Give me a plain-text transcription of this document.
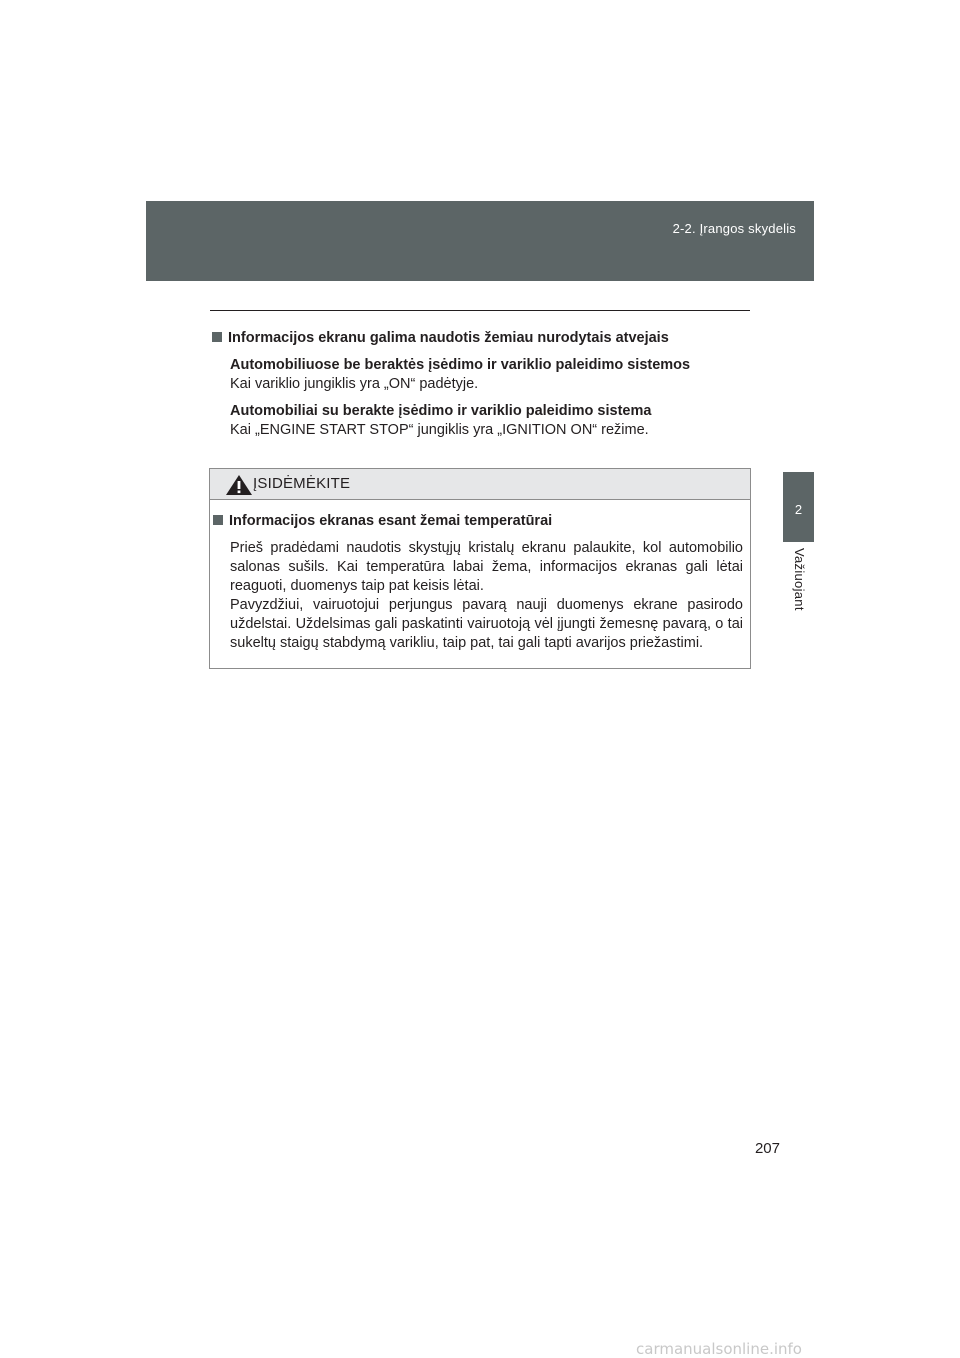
2-2. Įrangos skydelis
2
Važiuojant

Informacijos ekranu galima naudotis žemiau nurodytais atvejais

Automobiliuose be beraktės įsėdimo ir variklio paleidimo sistemos
Kai variklio jungiklis yra „ON“ padėtyje.
Automobiliai su berakte įsėdimo ir variklio paleidimo sistema
Kai „ENGINE START STOP“ jungiklis yra „IGNITION ON“ režime.
ĮSIDĖMĖKITE
Informacijos ekranas esant žemai temperatūrai
Prieš pradėdami naudotis skystųjų kristalų ekranu palaukite, kol automobilio salonas sušils. Kai temperatūra labai žema, informacijos ekranas gali lėtai reaguoti, duomenys taip pat keisis lėtai.
Pavyzdžiui, vairuotojui perjungus pavarą nauji duomenys ekrane pasirodo uždelstai. Uždelsimas gali paskatinti vairuotoją vėl įjungti žemesnę pavarą, o tai sukeltų staigų stabdymą varikliu, taip pat, tai gali tapti avarijos priežastimi.
207
carmanualsonline.info
